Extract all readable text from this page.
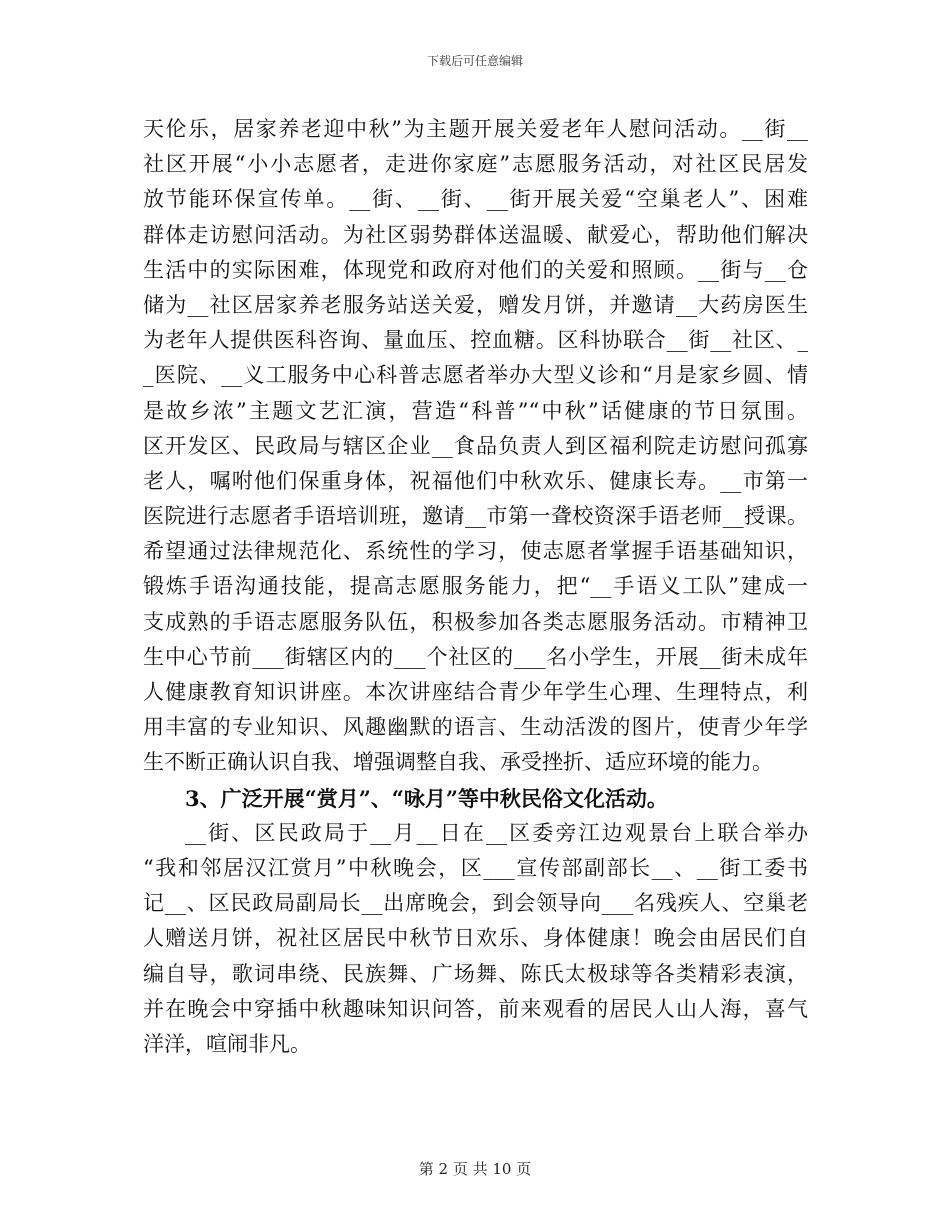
下载后可任意编辑
天伦乐，居家养老迎中秋”为主题开展关爱老年人慰问活动。__街__
社区开展“小小志愿者，走进你家庭”志愿服务活动，对社区民居发
放节能环保宣传单。__街、__街、__街开展关爱“空巢老人”、困难
群体走访慰问活动。为社区弱势群体送温暖、献爱心，帮助他们解决
生活中的实际困难，体现党和政府对他们的关爱和照顾。__街与__仓
储为__社区居家养老服务站送关爱，赠发月饼，并邀请__大药房医生
为老年人提供医科咨询、量血压、控血糖。区科协联合__街__社区、_
_医院、__义工服务中心科普志愿者举办大型义诊和“月是家乡圆、情
是故乡浓”主题文艺汇演，营造“科普”“中秋”话健康的节日氛围。
区开发区、民政局与辖区企业__食品负责人到区福利院走访慰问孤寡
老人，嘱咐他们保重身体，祝福他们中秋欢乐、健康长寿。__市第一
医院进行志愿者手语培训班，邀请__市第一聋校资深手语老师__授课。
希望通过法律规范化、系统性的学习，使志愿者掌握手语基础知识，
锻炼手语沟通技能，提高志愿服务能力，把“__手语义工队”建成一
支成熟的手语志愿服务队伍，积极参加各类志愿服务活动。市精神卫
生中心节前___街辖区内的___个社区的___名小学生，开展__街未成年
人健康教育知识讲座。本次讲座结合青少年学生心理、生理特点，利
用丰富的专业知识、风趣幽默的语言、生动活泼的图片，使青少年学
生不断正确认识自我、增强调整自我、承受挫折、适应环境的能力。
3、广泛开展“赏月”、“咏月”等中秋民俗文化活动。
__街、区民政局于__月__日在__区委旁江边观景台上联合举办
“我和邻居汉江赏月”中秋晚会，区___宣传部副部长__、__街工委书
记__、区民政局副局长__出席晚会，到会领导向___名残疾人、空巢老
人赠送月饼，祝社区居民中秋节日欢乐、身体健康！晚会由居民们自
编自导，歌词串绕、民族舞、广场舞、陈氏太极球等各类精彩表演，
并在晚会中穿插中秋趣味知识问答，前来观看的居民人山人海，喜气
洋洋，喧闹非凡。
第 2 页 共 10 页
